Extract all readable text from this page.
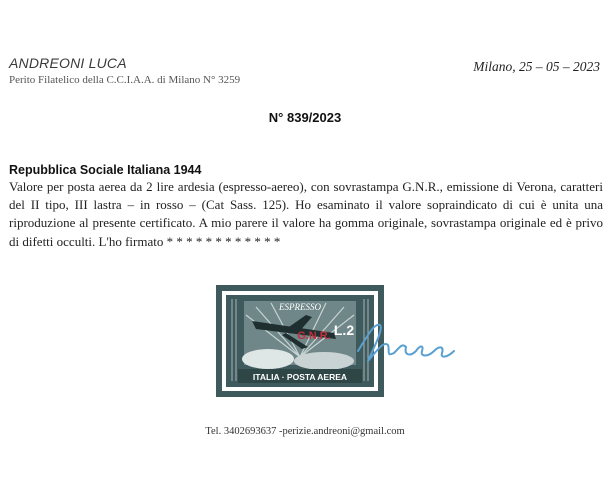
ANDREONI LUCA
Perito Filatelico della C.C.I.A.A. di Milano N° 3259
Milano, 25 – 05 – 2023
N° 839/2023
Repubblica Sociale Italiana 1944

Valore per posta aerea da 2 lire ardesia (espresso-aereo), con sovrastampa G.N.R., emissione di Verona, caratteri del II tipo, III lastra – in rosso – (Cat Sass. 125). Ho esaminato il valore sopraindicato di cui è unita una riproduzione al presente certificato. A mio parere il valore ha gomma originale, sovrastampa originale ed è privo di difetti occulti. L'ho firmato * * * * * * * * * * * *

ESPRESSO
L.2
G.N.R.
ITALIA · POSTA AEREA
Tel. 3402693637 -perizie.andreoni@gmail.com
